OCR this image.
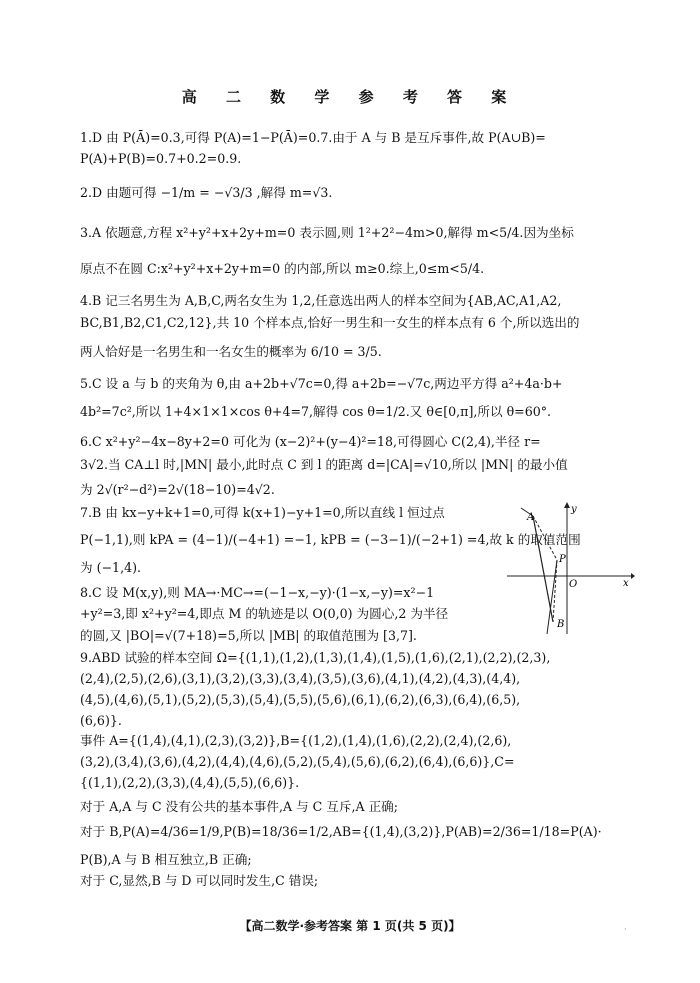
高 二 数 学 参 考 答 案
1.D 由 P(Ā)=0.3,可得 P(A)=1−P(Ā)=0.7.由于 A 与 B 是互斥事件,故 P(A∪B)=
P(A)+P(B)=0.7+0.2=0.9.
2.D 由题可得 −1/m = −√3/3 ,解得 m=√3.
3.A 依题意,方程 x²+y²+x+2y+m=0 表示圆,则 1²+2²−4m>0,解得 m<5/4.因为坐标
原点不在圆 C:x²+y²+x+2y+m=0 的内部,所以 m≥0.综上,0≤m<5/4.
4.B 记三名男生为 A,B,C,两名女生为 1,2,任意选出两人的样本空间为{AB,AC,A1,A2,
BC,B1,B2,C1,C2,12},共 10 个样本点,恰好一男生和一女生的样本点有 6 个,所以选出的
两人恰好是一名男生和一名女生的概率为 6/10 = 3/5.
5.C 设 a 与 b 的夹角为 θ,由 a+2b+√7c=0,得 a+2b=−√7c,两边平方得 a²+4a·b+
4b²=7c²,所以 1+4×1×1×cos θ+4=7,解得 cos θ=1/2.又 θ∈[0,π],所以 θ=60°.
6.C x²+y²−4x−8y+2=0 可化为 (x−2)²+(y−4)²=18,可得圆心 C(2,4),半径 r=
3√2.当 CA⊥l 时,|MN| 最小,此时点 C 到 l 的距离 d=|CA|=√10,所以 |MN| 的最小值
为 2√(r²−d²)=2√(18−10)=4√2.
7.B 由 kx−y+k+1=0,可得 k(x+1)−y+1=0,所以直线 l 恒过点
P(−1,1),则 kPA = (4−1)/(−4+1) =−1, kPB = (−3−1)/(−2+1) =4,故 k 的取值范围
为 (−1,4).
8.C 设 M(x,y),则 MA→·MC→=(−1−x,−y)·(1−x,−y)=x²−1
+y²=3,即 x²+y²=4,即点 M 的轨迹是以 O(0,0) 为圆心,2 为半径
的圆,又 |BO|=√(7+18)=5,所以 |MB| 的取值范围为 [3,7].
9.ABD 试验的样本空间 Ω={(1,1),(1,2),(1,3),(1,4),(1,5),(1,6),(2,1),(2,2),(2,3),
(2,4),(2,5),(2,6),(3,1),(3,2),(3,3),(3,4),(3,5),(3,6),(4,1),(4,2),(4,3),(4,4),
(4,5),(4,6),(5,1),(5,2),(5,3),(5,4),(5,5),(5,6),(6,1),(6,2),(6,3),(6,4),(6,5),
(6,6)}.
事件 A={(1,4),(4,1),(2,3),(3,2)},B={(1,2),(1,4),(1,6),(2,2),(2,4),(2,6),
(3,2),(3,4),(3,6),(4,2),(4,4),(4,6),(5,2),(5,4),(5,6),(6,2),(6,4),(6,6)},C=
{(1,1),(2,2),(3,3),(4,4),(5,5),(6,6)}.
对于 A,A 与 C 没有公共的基本事件,A 与 C 互斥,A 正确;
对于 B,P(A)=4/36=1/9,P(B)=18/36=1/2,AB={(1,4),(3,2)},P(AB)=2/36=1/18=P(A)·
P(B),A 与 B 相互独立,B 正确;
对于 C,显然,B 与 D 可以同时发生,C 错误;
A
B
P
O	x
y
【高二数学·参考答案 第 1 页(共 5 页)】	·
